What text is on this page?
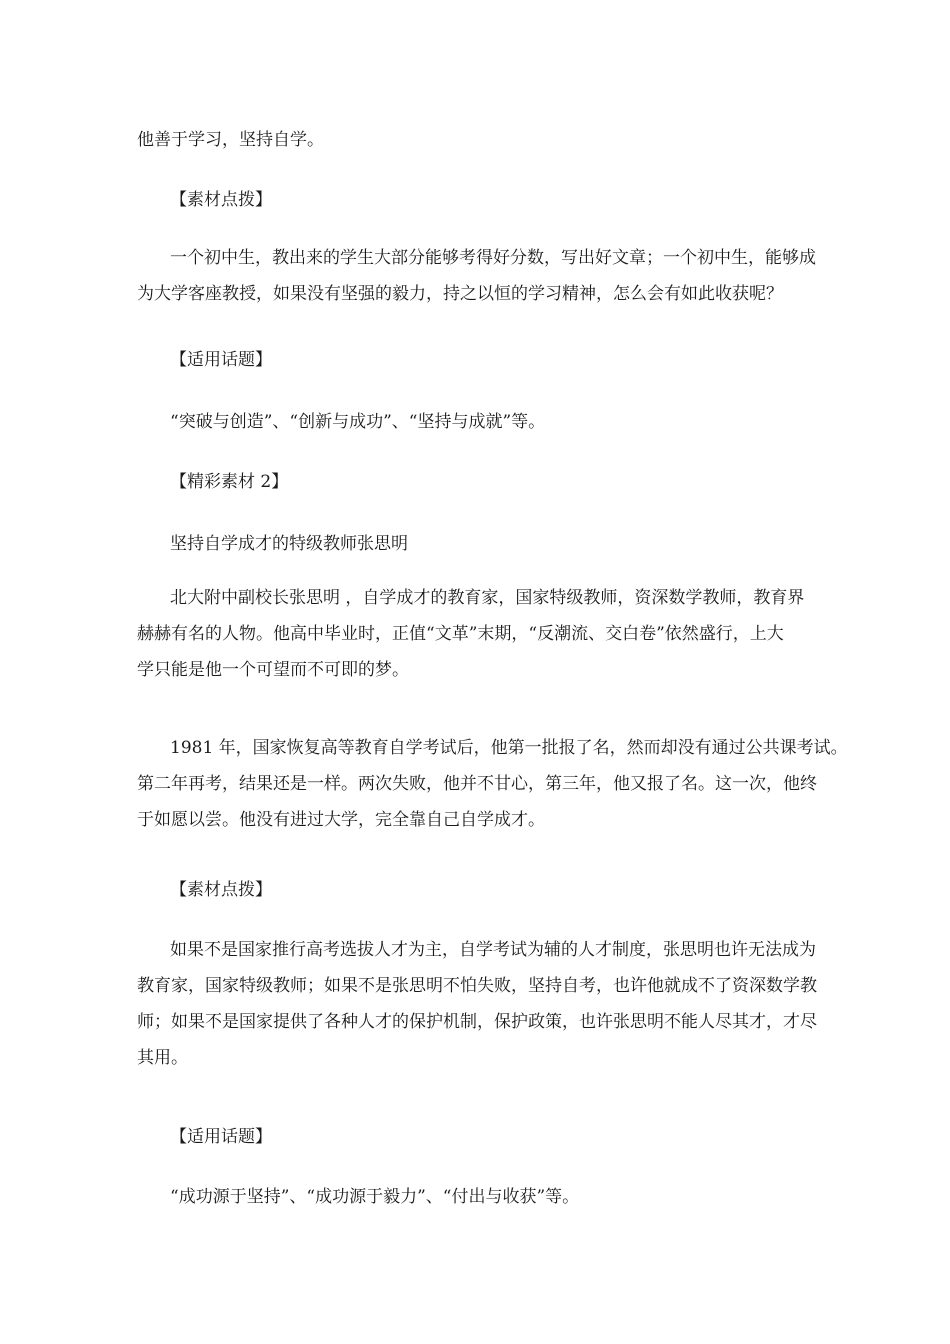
他善于学习，坚持自学。

【素材点拨】

一个初中生，教出来的学生大部分能够考得好分数，写出好文章；一个初中生，能够成
为大学客座教授，如果没有坚强的毅力，持之以恒的学习精神，怎么会有如此收获呢？

【适用话题】

“突破与创造”、“创新与成功”、“坚持与成就”等。

【精彩素材 2】

坚持自学成才的特级教师张思明

北大附中副校长张思明 ，自学成才的教育家，国家特级教师，资深数学教师，教育界
赫赫有名的人物。他高中毕业时，正值“文革”末期，“反潮流、交白卷”依然盛行，上大
学只能是他一个可望而不可即的梦。
1981 年，国家恢复高等教育自学考试后，他第一批报了名，然而却没有通过公共课考试。
第二年再考，结果还是一样。两次失败，他并不甘心，第三年，他又报了名。这一次，他终
于如愿以尝。他没有进过大学，完全靠自己自学成才。

【素材点拨】

如果不是国家推行高考选拔人才为主，自学考试为辅的人才制度，张思明也许无法成为
教育家，国家特级教师；如果不是张思明不怕失败，坚持自考，也许他就成不了资深数学教
师；如果不是国家提供了各种人才的保护机制，保护政策，也许张思明不能人尽其才，才尽
其用。

【适用话题】

“成功源于坚持”、“成功源于毅力”、“付出与收获”等。
